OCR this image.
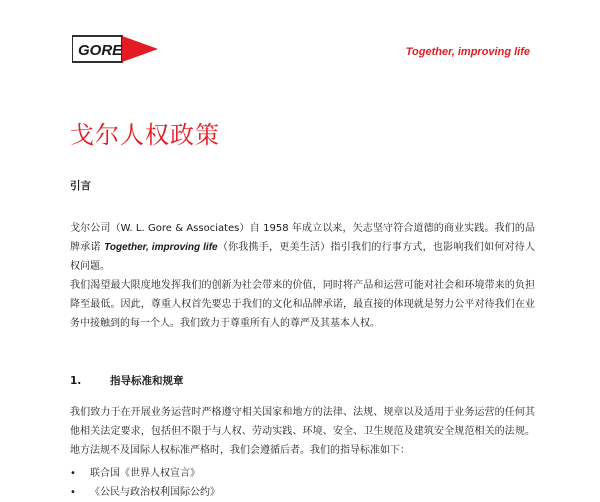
GORE	Together, improving life
戈尔人权政策
引言

戈尔公司（W. L. Gore & Associates）自 1958 年成立以来，矢志坚守符合道德的商业实践。我们的品牌承诺 Together, improving life（你我携手，更美生活）指引我们的行事方式，也影响我们如何对待人权问题。

我们渴望最大限度地发挥我们的创新为社会带来的价值，同时将产品和运营可能对社会和环境带来的负担降至最低。因此，尊重人权首先要忠于我们的文化和品牌承诺，最直接的体现就是努力公平对待我们在业务中接触到的每一个人。我们致力于尊重所有人的尊严及其基本人权。

1.	指导标准和规章

我们致力于在开展业务运营时严格遵守相关国家和地方的法律、法规、规章以及适用于业务运营的任何其他相关法定要求，包括但不限于与人权、劳动实践、环境、安全、卫生规范及建筑安全规范相关的法规。地方法规不及国际人权标准严格时，我们会遵循后者。我们的指导标准如下：

• 联合国《世界人权宣言》
• 《公民与政治权利国际公约》
